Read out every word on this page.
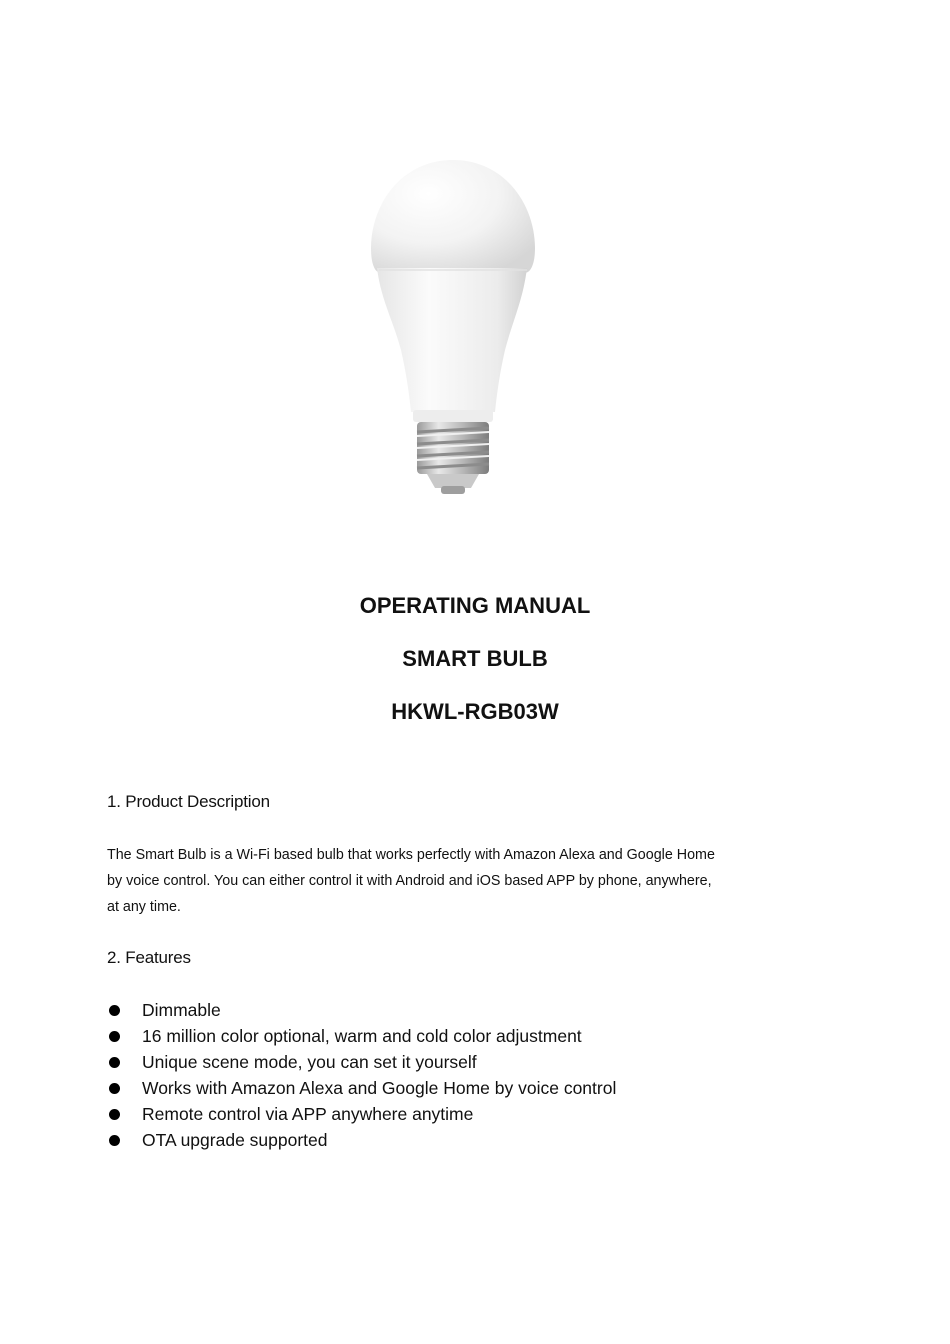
OPERATING MANUAL
SMART BULB
HKWL-RGB03W
1. Product Description
The Smart Bulb is a Wi-Fi based bulb that works perfectly with Amazon Alexa and Google Home
by voice control. You can either control it with Android and iOS based APP by phone, anywhere,
at any time.
2. Features
Dimmable
16 million color optional, warm and cold color adjustment
Unique scene mode, you can set it yourself
Works with Amazon Alexa and Google Home by voice control
Remote control via APP anywhere anytime
OTA upgrade supported
